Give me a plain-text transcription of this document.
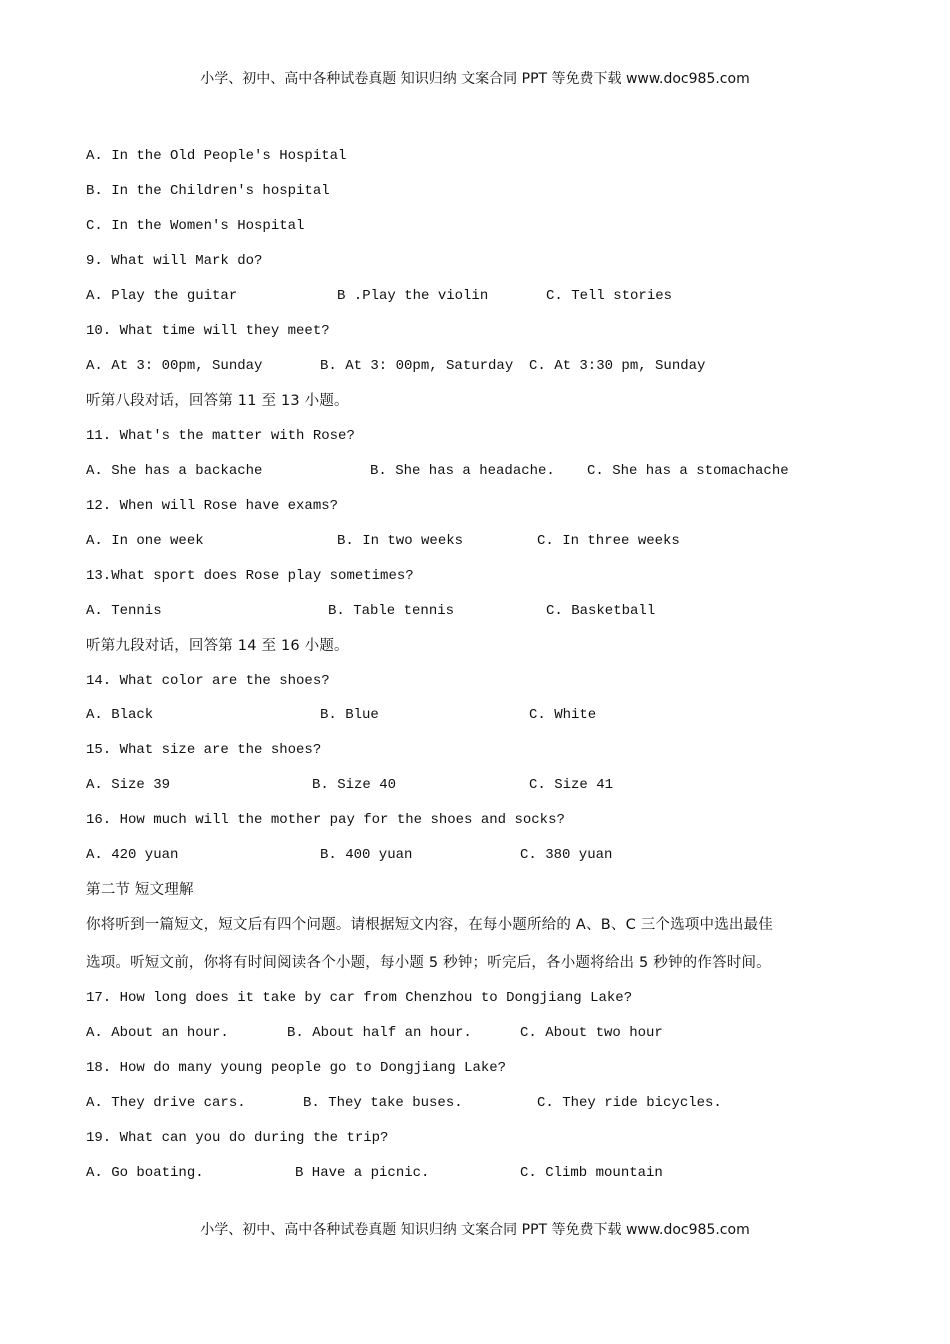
小学、初中、高中各种试卷真题 知识归纳 文案合同 PPT 等免费下载 www.doc985.com
A. In the Old People's Hospital
B. In the Children's hospital
C. In the Women's Hospital
9. What will Mark do?
A. Play the guitar	B .Play the violin	C. Tell stories
10. What time will they meet?
A. At 3: 00pm, Sunday	B. At 3: 00pm, Saturday C. At 3:30 pm, Sunday
听第八段对话，回答第 11 至 13 小题。
11. What's the matter with Rose?
A. She has a backache	B. She has a headache. C. She has a stomachache
12. When will Rose have exams?
A. In one week	B. In two weeks	C. In three weeks
13.What sport does Rose play sometimes?
A. Tennis	B. Table tennis	C. Basketball
听第九段对话，回答第 14 至 16 小题。
14. What color are the shoes?
A. Black	B. Blue	C. White
15. What size are the shoes?
A. Size 39	B. Size 40	C. Size 41
16. How much will the mother pay for the shoes and socks?
A. 420 yuan	B. 400 yuan	C. 380 yuan
第二节 短文理解
你将听到一篇短文，短文后有四个问题。请根据短文内容，在每小题所给的 A、B、C 三个选项中选出最佳
选项。听短文前，你将有时间阅读各个小题，每小题 5 秒钟；听完后，各小题将给出 5 秒钟的作答时间。
17. How long does it take by car from Chenzhou to Dongjiang Lake?
A. About an hour.	B. About half an hour.	C. About two hour
18. How do many young people go to Dongjiang Lake?
A. They drive cars.	B. They take buses.	C. They ride bicycles.
19. What can you do during the trip?
A. Go boating.	B Have a picnic.	C. Climb mountain
小学、初中、高中各种试卷真题 知识归纳 文案合同 PPT 等免费下载 www.doc985.com
